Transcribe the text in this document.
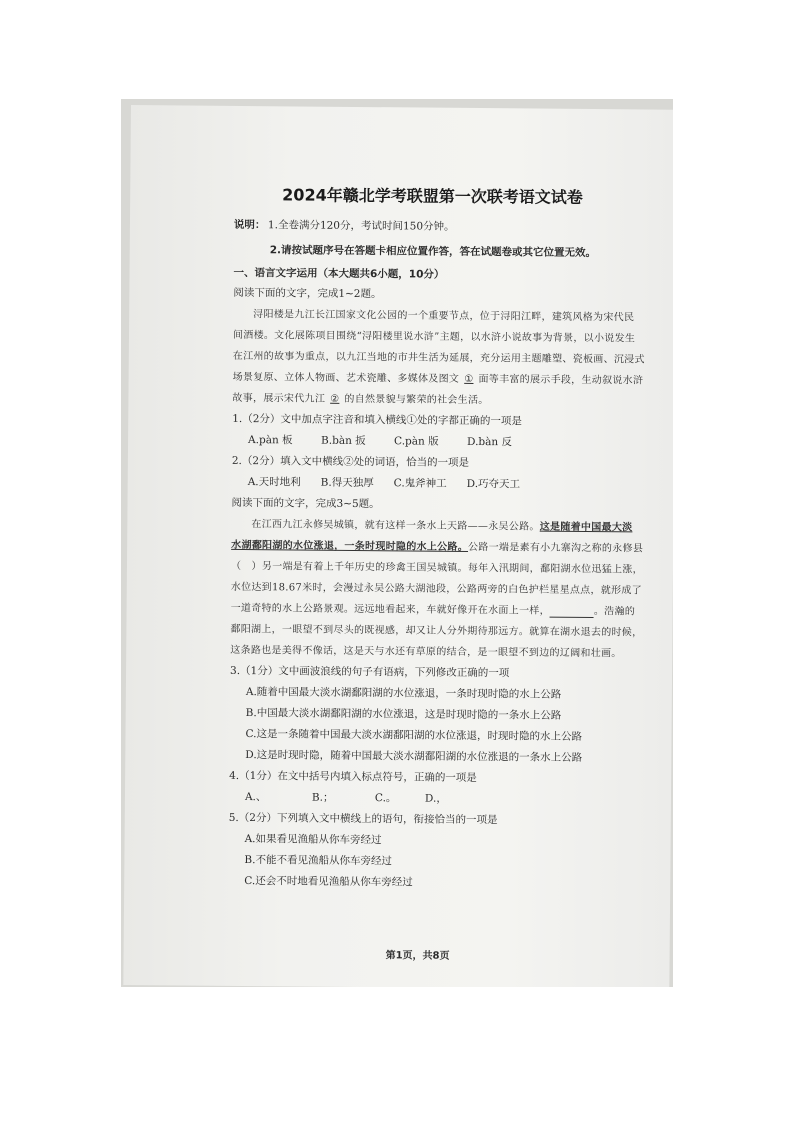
2024年赣北学考联盟第一次联考语文试卷
说明： 1.全卷满分120分，考试时间150分钟。
2.请按试题序号在答题卡相应位置作答，答在试题卷或其它位置无效。
一、语言文字运用（本大题共6小题，10分）
阅读下面的文字，完成1~2题。
浔阳楼是九江长江国家文化公园的一个重要节点，位于浔阳江畔，建筑风格为宋代民
间酒楼。文化展陈项目围绕“浔阳楼里说水浒”主题，以水浒小说故事为背景，以小说发生
在江州的故事为重点，以九江当地的市井生活为延展，充分运用主题雕塑、瓷板画、沉浸式
场景复原、立体人物画、艺术瓷雕、多媒体及图文 ① 面等丰富的展示手段，生动叙说水浒
故事，展示宋代九江 ② 的自然景貌与繁荣的社会生活。
1.（2分）文中加点字注音和填入横线①处的字都正确的一项是
A.pàn 板	B.bàn 扳	C.pàn 版	D.bàn 反
2.（2分）填入文中横线②处的词语，恰当的一项是
A.天时地利 B.得天独厚 C.鬼斧神工 D.巧夺天工
阅读下面的文字，完成3~5题。
在江西九江永修吴城镇，就有这样一条水上天路——永吴公路。这是随着中国最大淡
水湖鄱阳湖的水位涨退，一条时现时隐的水上公路。公路一端是素有小九寨沟之称的永修县
（　）另一端是有着上千年历史的珍禽王国吴城镇。每年入汛期间，鄱阳湖水位迅猛上涨，
水位达到18.67米时，会漫过永吴公路大湖池段，公路两旁的白色护栏星星点点，就形成了
一道奇特的水上公路景观。远远地看起来，车就好像开在水面上一样，	。浩瀚的
鄱阳湖上，一眼望不到尽头的既视感，却又让人分外期待那远方。就算在湖水退去的时候，
这条路也是美得不像话，这是天与水还有草原的结合，是一眼望不到边的辽阔和壮画。
3.（1分）文中画波浪线的句子有语病，下列修改正确的一项
A.随着中国最大淡水湖鄱阳湖的水位涨退，一条时现时隐的水上公路
B.中国最大淡水湖鄱阳湖的水位涨退，这是时现时隐的一条水上公路
C.这是一条随着中国最大淡水湖鄱阳湖的水位涨退，时现时隐的水上公路
D.这是时现时隐，随着中国最大淡水湖鄱阳湖的水位涨退的一条水上公路
4.（1分）在文中括号内填入标点符号，正确的一项是
A.、	B.；	C.。	D.，
5.（2分）下列填入文中横线上的语句，衔接恰当的一项是
A.如果看见渔船从你车旁经过
B.不能不看见渔船从你车旁经过
C.还会不时地看见渔船从你车旁经过
第1页，共8页
